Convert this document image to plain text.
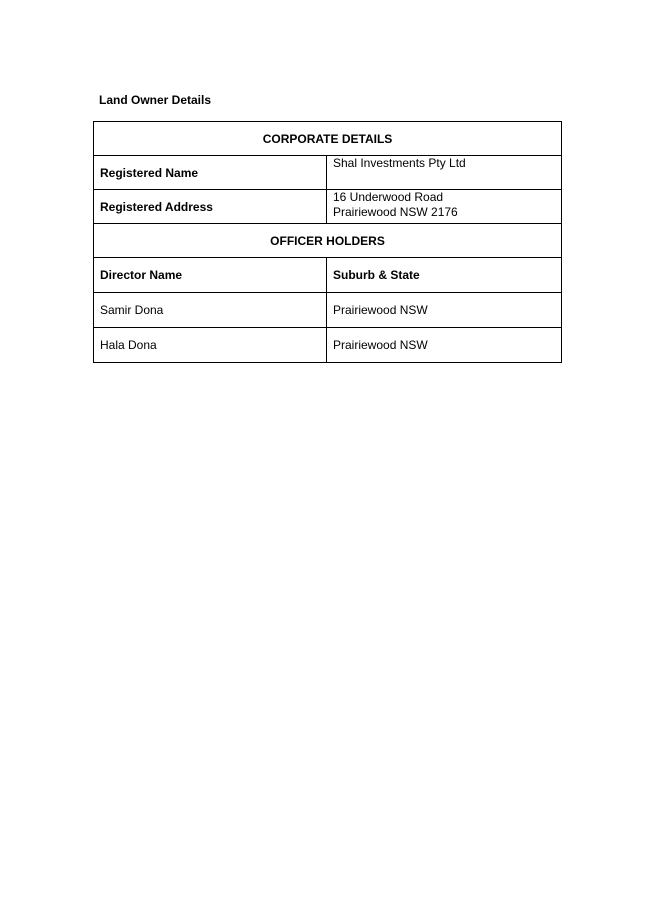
Land Owner Details
CORPORATE DETAILS	
Registered Name	Shal Investments Pty Ltd
Registered Address	16 Underwood Road
Prairiewood NSW 2176

OFFICER HOLDERS	
Director Name	Suburb & State
Samir Dona	Prairiewood NSW
Hala Dona	Prairiewood NSW
